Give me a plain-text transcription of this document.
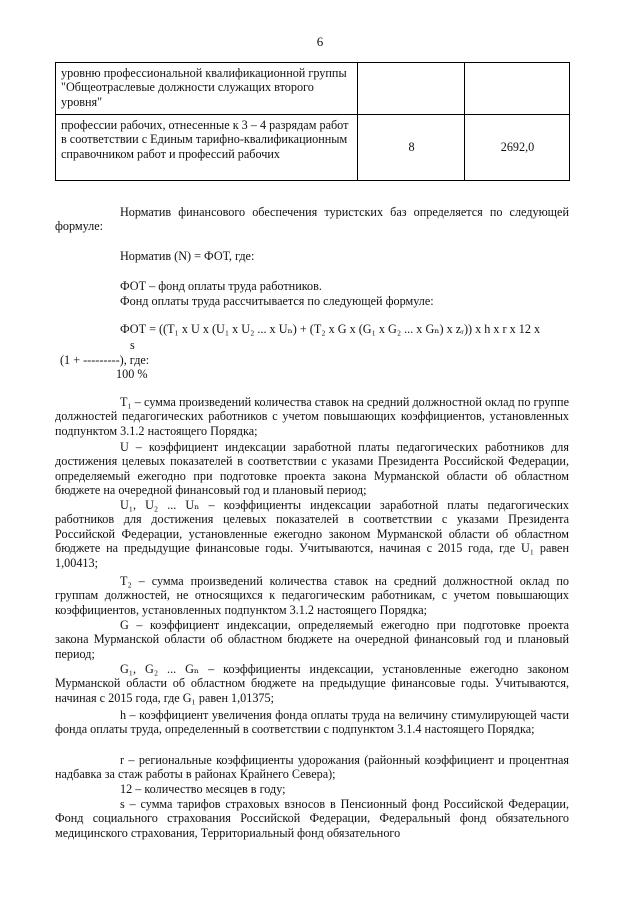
6
уровню профессиональной квалификационной группы "Общеотраслевые должности служащих второго уровня"		
профессии рабочих, отнесенные к 3 – 4 разрядам работ в соответствии с Единым тарифно-квалификационным справочником работ и профессий рабочих	8	2692,0
Норматив финансового обеспечения туристских баз определяется по следующей формуле:
Норматив (N) = ФОТ, где:
ФОТ – фонд оплаты труда работников.
Фонд оплаты труда рассчитывается по следующей формуле:
ФОТ = ((T₁ x U x (U₁ x U₂ ... x Uₙ) + (T₂ x G x (G₁ x G₂ ... x Gₙ) x zᵣ)) x h x r x 12 x
s
(1 + ---------), где:
100 %
T₁ – сумма произведений количества ставок на средний должностной оклад по группе должностей педагогических работников с учетом повышающих коэффициентов, установленных подпунктом 3.1.2 настоящего Порядка;
U – коэффициент индексации заработной платы педагогических работников для достижения целевых показателей в соответствии с указами Президента Российской Федерации, определяемый ежегодно при подготовке проекта закона Мурманской области об областном бюджете на очередной финансовый год и плановый период;
U₁, U₂ ... Uₙ – коэффициенты индексации заработной платы педагогических работников для достижения целевых показателей в соответствии с указами Президента Российской Федерации, установленные ежегодно законом Мурманской области об областном бюджете на предыдущие финансовые годы. Учитываются, начиная с 2015 года, где U₁ равен 1,00413;
T₂ – сумма произведений количества ставок на средний должностной оклад по группам должностей, не относящихся к педагогическим работникам, с учетом повышающих коэффициентов, установленных подпунктом 3.1.2 настоящего Порядка;
G – коэффициент индексации, определяемый ежегодно при подготовке проекта закона Мурманской области об областном бюджете на очередной финансовый год и плановый период;
G₁, G₂ ... Gₙ – коэффициенты индексации, установленные ежегодно законом Мурманской области об областном бюджете на предыдущие финансовые годы. Учитываются, начиная с 2015 года, где G₁ равен 1,01375;
h – коэффициент увеличения фонда оплаты труда на величину стимулирующей части фонда оплаты труда, определенный в соответствии с подпунктом 3.1.4 настоящего Порядка;
r – региональные коэффициенты удорожания (районный коэффициент и процентная надбавка за стаж работы в районах Крайнего Севера);
12 – количество месяцев в году;
s – сумма тарифов страховых взносов в Пенсионный фонд Российской Федерации, Фонд социального страхования Российской Федерации, Федеральный фонд обязательного медицинского страхования, Территориальный фонд обязательного
